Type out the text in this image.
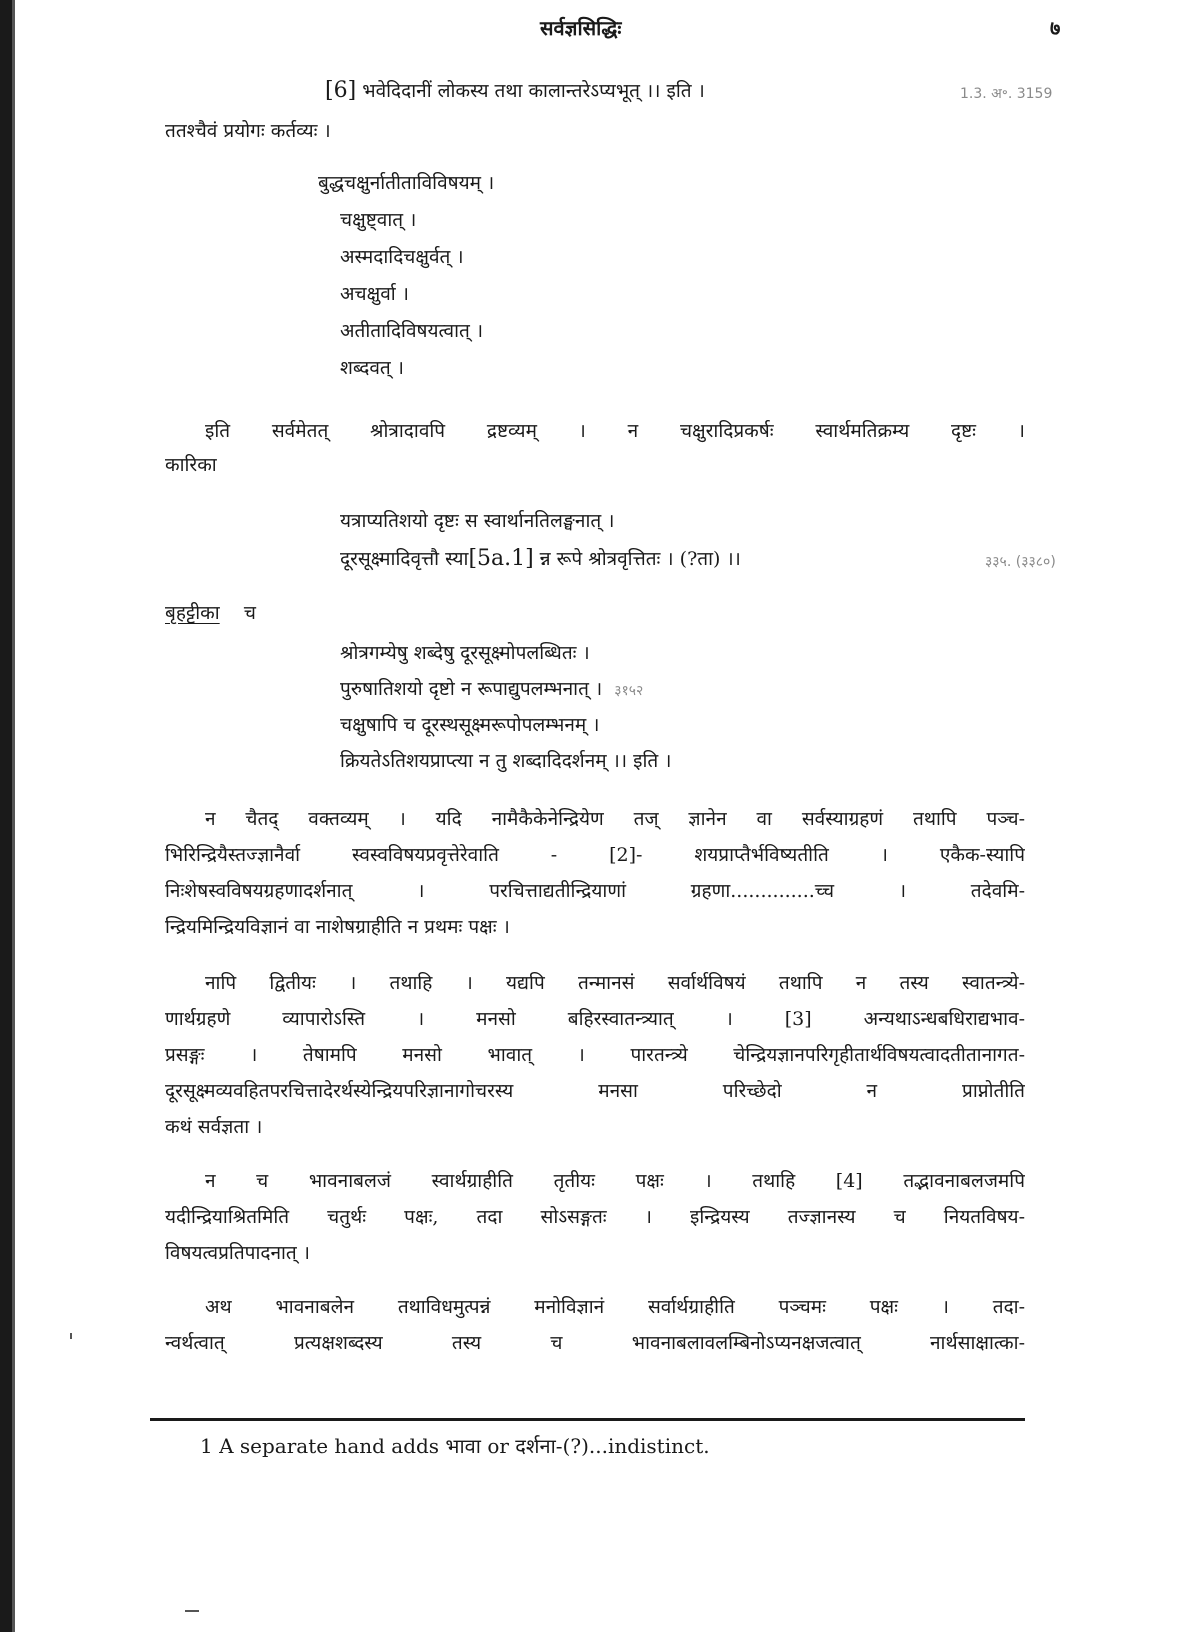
सर्वज्ञसिद्धिः	७
[6] भवेदिदानीं लोकस्य तथा कालान्तरेऽप्यभूत् ।। इति ।	1.3. अ॰. 3159
ततश्चैवं प्रयोगः कर्तव्यः ।
बुद्धचक्षुर्नातीताविविषयम् ।
चक्षुष्ट्वात् ।
अस्मदादिचक्षुर्वत् ।
अचक्षुर्वा ।
अतीतादिविषयत्वात् ।
शब्दवत् ।
इति सर्वमेतत् श्रोत्रादावपि द्रष्टव्यम् । न चक्षुरादिप्रकर्षः स्वार्थमतिक्रम्य दृष्टः ।
कारिका
यत्राप्यतिशयो दृष्टः स स्वार्थानतिलङ्घनात् ।
दूरसूक्ष्मादिवृत्तौ स्या[5a.1] न्न रूपे श्रोत्रवृत्तितः । (?ता) ।।	३३५. (३३८०)
बृहट्टीका च
श्रोत्रगम्येषु शब्देषु दूरसूक्ष्मोपलब्धितः ।
पुरुषातिशयो दृष्टो न रूपाद्युपलम्भनात् । ३१५२
चक्षुषापि च दूरस्थसूक्ष्मरूपोपलम्भनम् ।
क्रियतेऽतिशयप्राप्त्या न तु शब्दादिदर्शनम् ।। इति ।
न चैतद् वक्तव्यम् । यदि नामैकैकेनेन्द्रियेण तज् ज्ञानेन वा सर्वस्याग्रहणं तथापि पञ्च-
भिरिन्द्रियैस्तज्ज्ञानैर्वा स्वस्वविषयप्रवृत्तेरेवाति - [2]- शयप्राप्तैर्भविष्यतीति । एकैक-स्यापि
निःशेषस्वविषयग्रहणादर्शनात् । परचित्ताद्यतीन्द्रियाणां ग्रहणा..............च्च । तदेवमि-
न्द्रियमिन्द्रियविज्ञानं वा नाशेषग्राहीति न प्रथमः पक्षः ।
नापि द्वितीयः । तथाहि । यद्यपि तन्मानसं सर्वार्थविषयं तथापि न तस्य स्वातन्त्र्ये-
णार्थग्रहणे व्यापारोऽस्ति । मनसो बहिरस्वातन्त्र्यात् । [3] अन्यथाऽन्धबधिराद्यभाव-
प्रसङ्गः । तेषामपि मनसो भावात् । पारतन्त्र्ये चेन्द्रियज्ञानपरिगृहीतार्थविषयत्वादतीतानागत-
दूरसूक्ष्मव्यवहितपरचित्तादेरर्थस्येन्द्रियपरिज्ञानागोचरस्य मनसा परिच्छेदो न प्राप्नोतीति
कथं सर्वज्ञता ।
न च भावनाबलजं स्वार्थग्राहीति तृतीयः पक्षः । तथाहि [4] तद्भावनाबलजमपि
यदीन्द्रियाश्रितमिति चतुर्थः पक्षः, तदा सोऽसङ्गतः । इन्द्रियस्य तज्ज्ञानस्य च नियतविषय-
विषयत्वप्रतिपादनात् ।
अथ भावनाबलेन तथाविधमुत्पन्नं मनोविज्ञानं सर्वार्थग्राहीति पञ्चमः पक्षः । तदा-
न्वर्थत्वात् प्रत्यक्षशब्दस्य तस्य च भावनाबलावलम्बिनोऽप्यनक्षजत्वात् नार्थसाक्षात्का-
1 A separate hand adds भावा or दर्शना-(?)...indistinct.
